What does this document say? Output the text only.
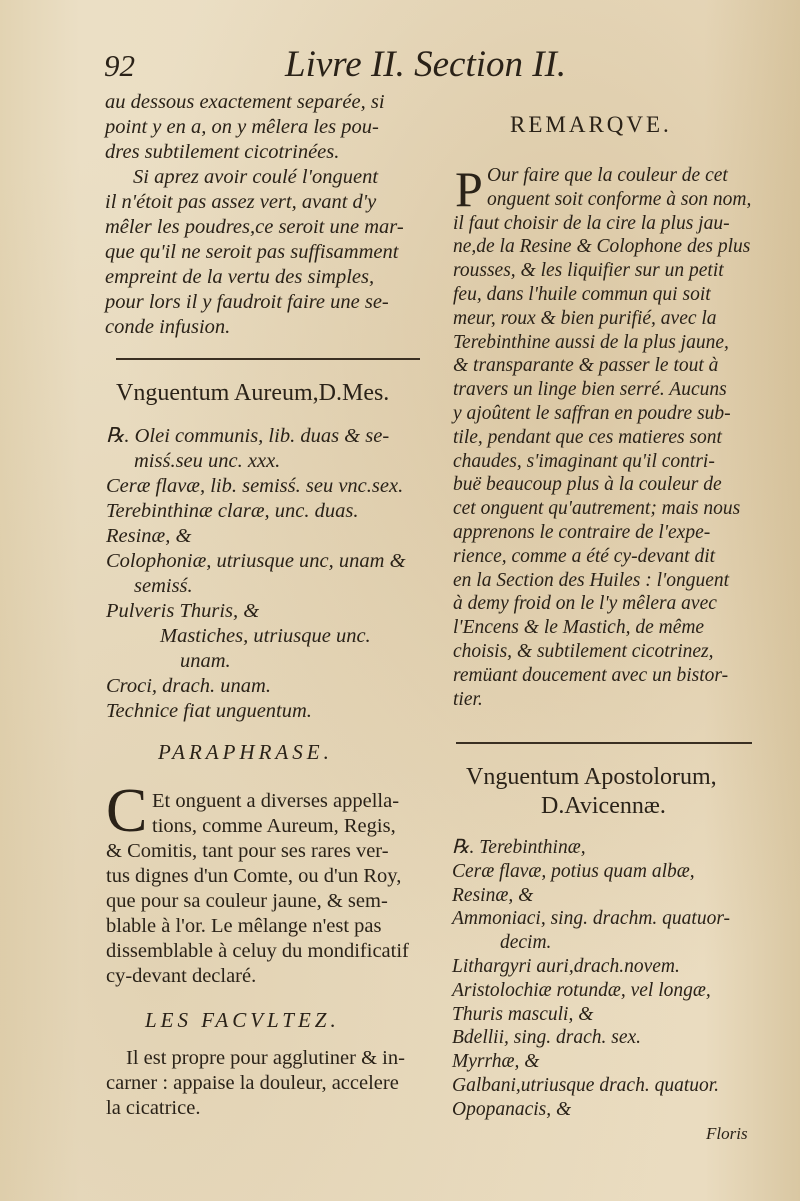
92	Livre II. Section II.
au dessous exactement separée, si
point y en a, on y mêlera les pou-
dres subtilement cicotrinées.
Si aprez avoir coulé l'onguent
il n'étoit pas assez vert, avant d'y
mêler les poudres,ce seroit une mar-
que qu'il ne seroit pas suffisamment
empreint de la vertu des simples,
pour lors il y faudroit faire une se-
conde infusion.
Vnguentum Aureum,D.Mes.
℞. Olei communis, lib. duas & se-
misś.seu unc. xxx.
Ceræ flavæ, lib. semisś. seu vnc.sex.
Terebinthinæ claræ, unc. duas.
Resinæ, &
Colophoniæ, utriusque unc, unam &
semisś.
Pulveris Thuris, &
Mastiches, utriusque unc.
unam.
Croci, drach. unam.
Technice fiat unguentum.
PARAPHRASE.
C Et onguent a diverses appella-
tions, comme Aureum, Regis,
& Comitis, tant pour ses rares ver-
tus dignes d'un Comte, ou d'un Roy,
que pour sa couleur jaune, & sem-
blable à l'or. Le mêlange n'est pas
dissemblable à celuy du mondificatif
cy-devant declaré.
LES FACVLTEZ.
Il est propre pour agglutiner & in-
carner : appaise la douleur, accelere
la cicatrice.
REMARQVE.
P Our faire que la couleur de cet
onguent soit conforme à son nom,
il faut choisir de la cire la plus jau-
ne,de la Resine & Colophone des plus
rousses, & les liquifier sur un petit
feu, dans l'huile commun qui soit
meur, roux & bien purifié, avec la
Terebinthine aussi de la plus jaune,
& transparante & passer le tout à
travers un linge bien serré. Aucuns
y ajoûtent le saffran en poudre sub-
tile, pendant que ces matieres sont
chaudes, s'imaginant qu'il contri-
buë beaucoup plus à la couleur de
cet onguent qu'autrement; mais nous
apprenons le contraire de l'expe-
rience, comme a été cy-devant dit
en la Section des Huiles : l'onguent
à demy froid on le l'y mêlera avec
l'Encens & le Mastich, de même
choisis, & subtilement cicotrinez,
remüant doucement avec un bistor-
tier.
Vnguentum Apostolorum,
D.Avicennæ.
℞. Terebinthinæ,
Ceræ flavæ, potius quam albæ,
Resinæ, &
Ammoniaci, sing. drachm. quatuor-
decim.
Lithargyri auri,drach.novem.
Aristolochiæ rotundæ, vel longæ,
Thuris masculi, &
Bdellii, sing. drach. sex.
Myrrhæ, &
Galbani,utriusque drach. quatuor.
Opopanacis, &
Floris
